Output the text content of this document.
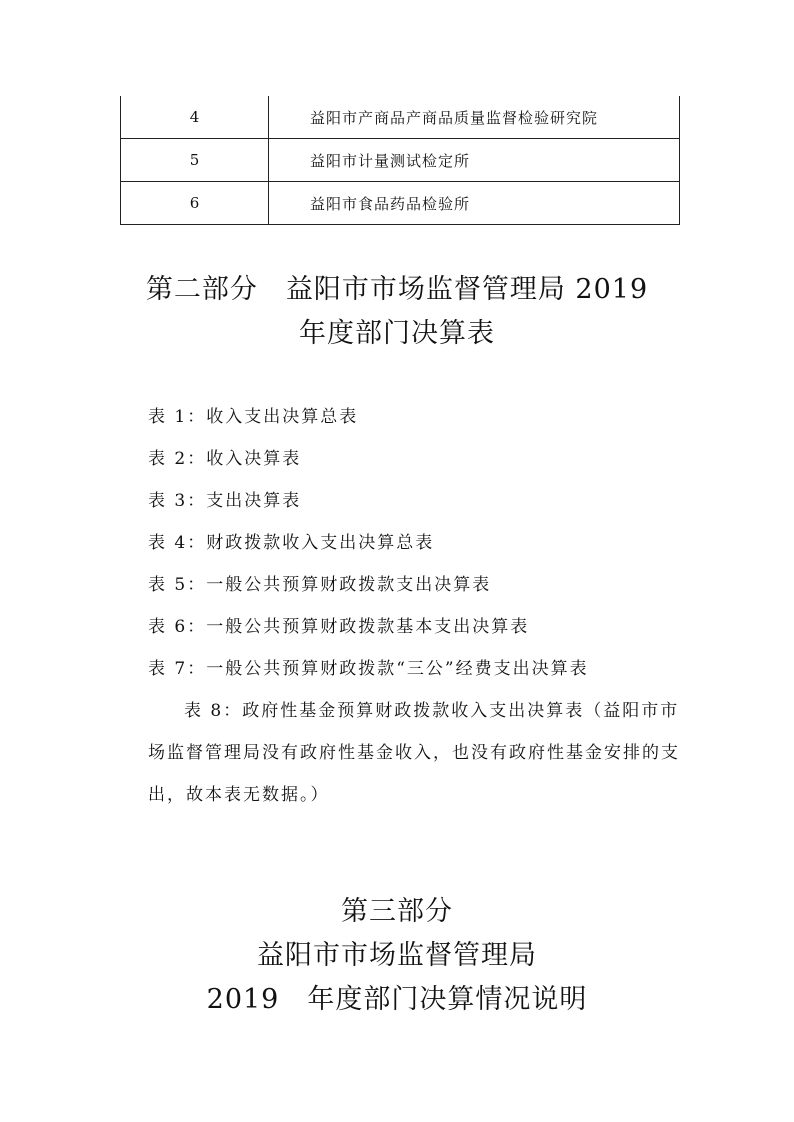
4	益阳市产商品产商品质量监督检验研究院
5	益阳市计量测试检定所
6	益阳市食品药品检验所
第二部分　益阳市市场监督管理局 2019
年度部门决算表
表 1：收入支出决算总表
表 2：收入决算表
表 3：支出决算表
表 4：财政拨款收入支出决算总表
表 5：一般公共预算财政拨款支出决算表
表 6：一般公共预算财政拨款基本支出决算表
表 7：一般公共预算财政拨款“三公”经费支出决算表
表 8：政府性基金预算财政拨款收入支出决算表（益阳市市场监督管理局没有政府性基金收入，也没有政府性基金安排的支出，故本表无数据。）
第三部分
益阳市市场监督管理局
2019　年度部门决算情况说明
